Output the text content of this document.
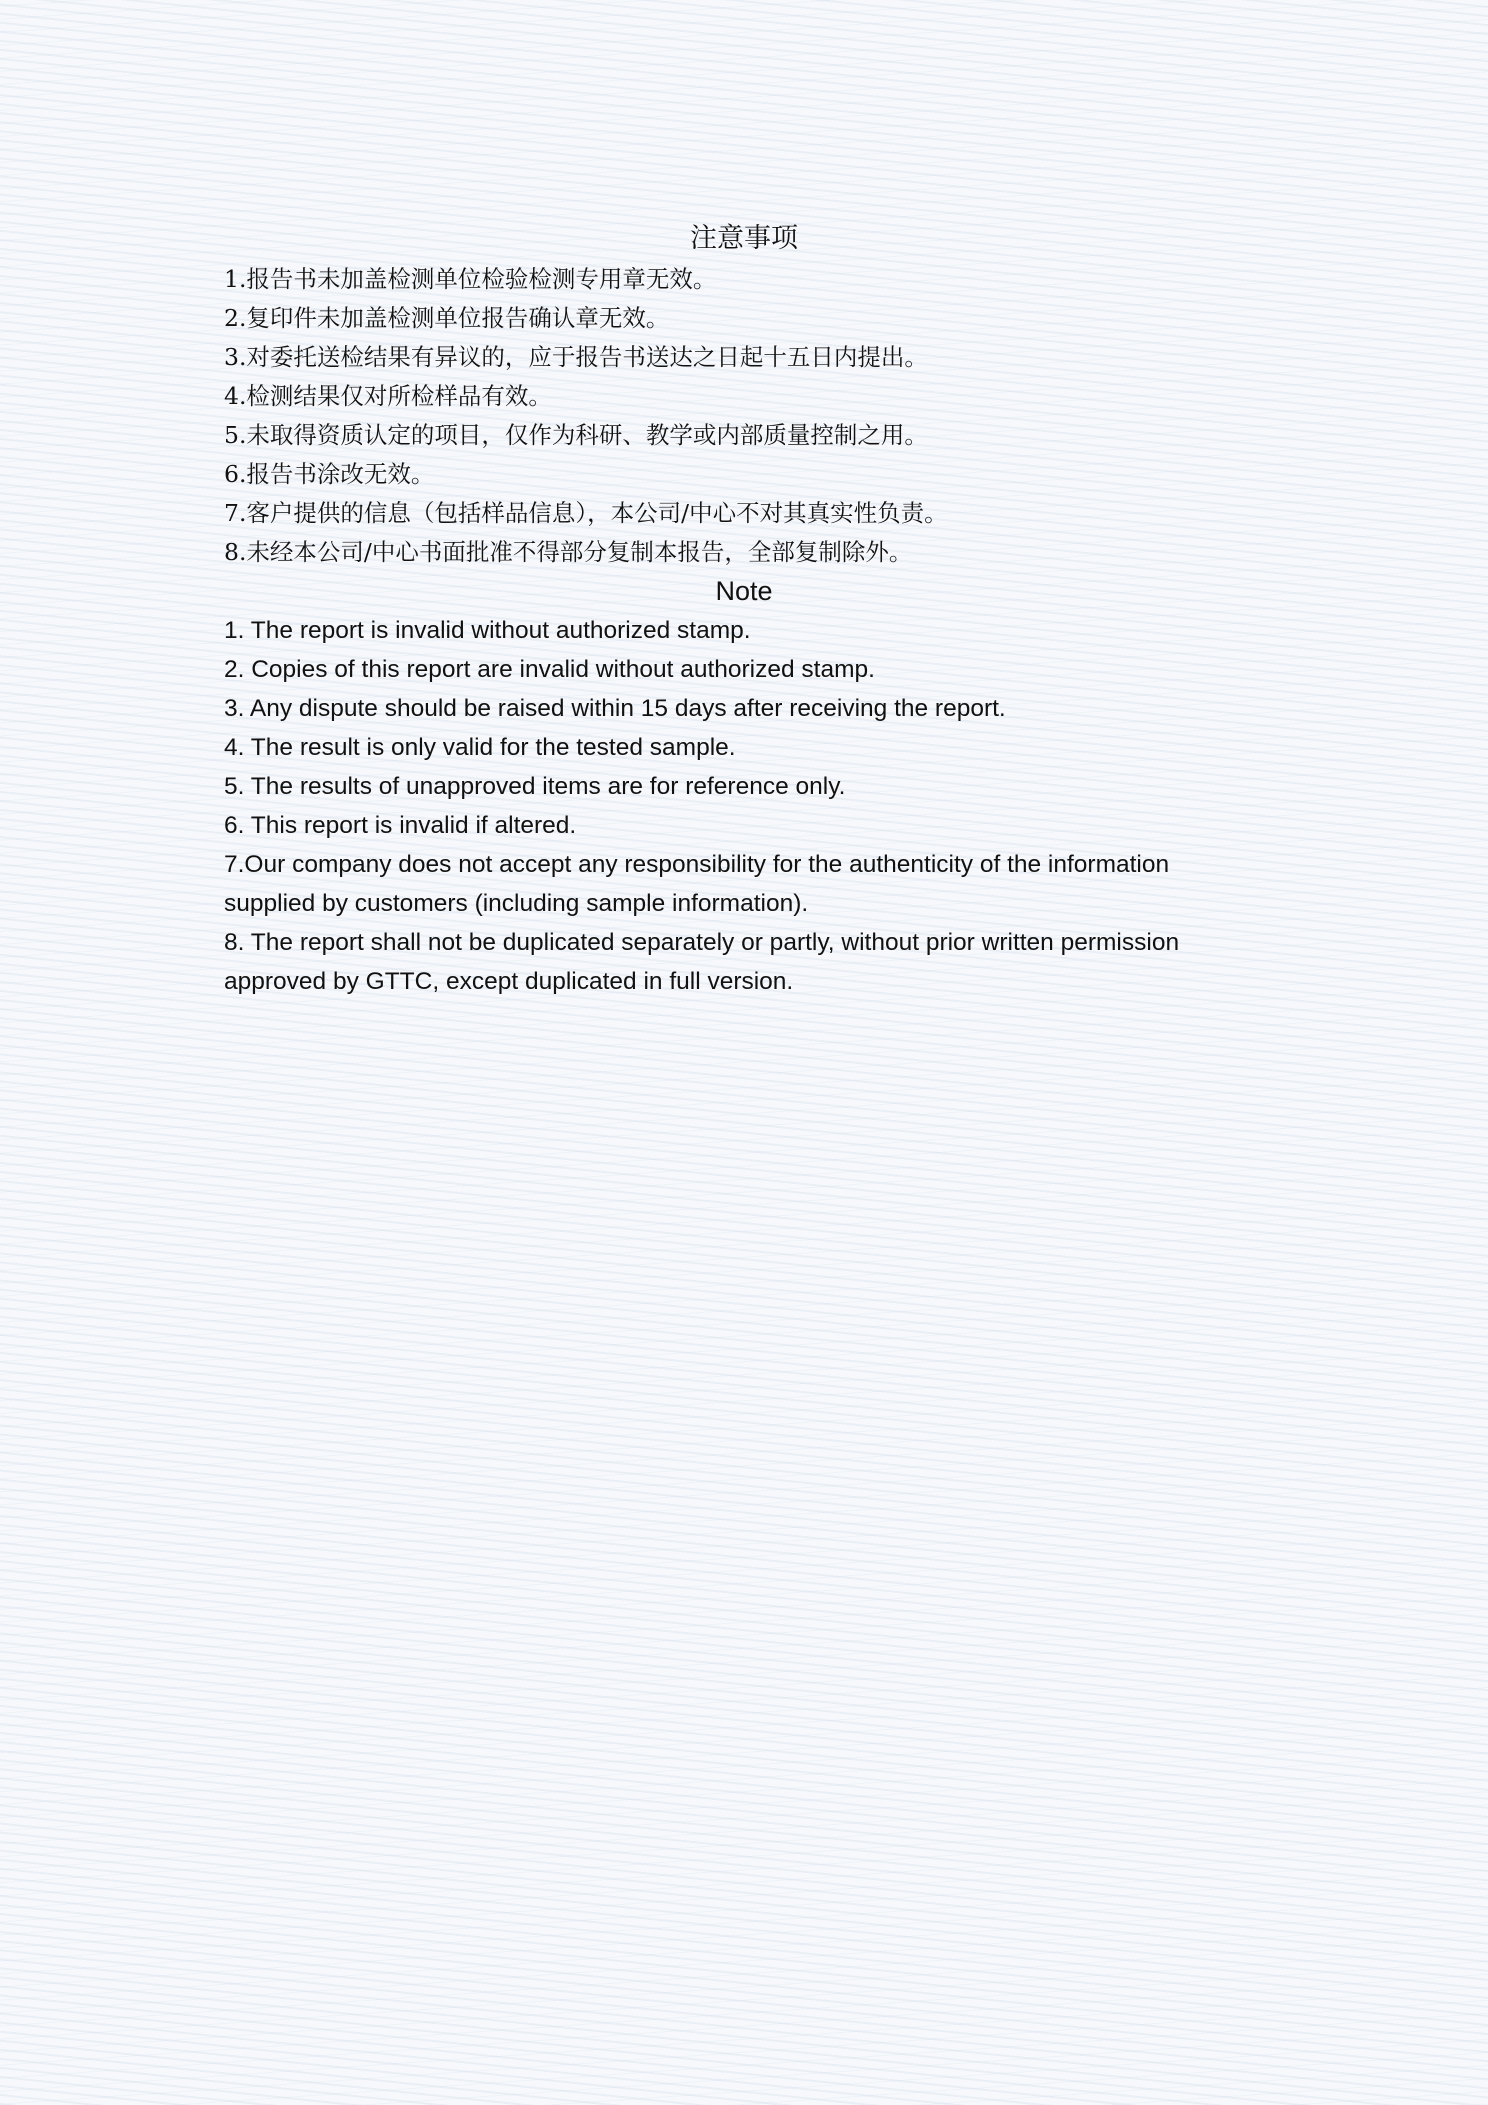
注意事项
1.报告书未加盖检测单位检验检测专用章无效。
2.复印件未加盖检测单位报告确认章无效。
3.对委托送检结果有异议的，应于报告书送达之日起十五日内提出。
4.检测结果仅对所检样品有效。
5.未取得资质认定的项目，仅作为科研、教学或内部质量控制之用。
6.报告书涂改无效。
7.客户提供的信息（包括样品信息），本公司/中心不对其真实性负责。
8.未经本公司/中心书面批准不得部分复制本报告，全部复制除外。
Note
1. The report is invalid without authorized stamp.
2. Copies of this report are invalid without authorized stamp.
3. Any dispute should be raised within 15 days after receiving the report.
4. The result is only valid for the tested sample.
5. The results of unapproved items are for reference only.
6. This report is invalid if altered.
7.Our company does not accept any responsibility for the authenticity of the information supplied by customers (including sample information).
8. The report shall not be duplicated separately or partly, without prior written permission approved by GTTC, except duplicated in full version.
